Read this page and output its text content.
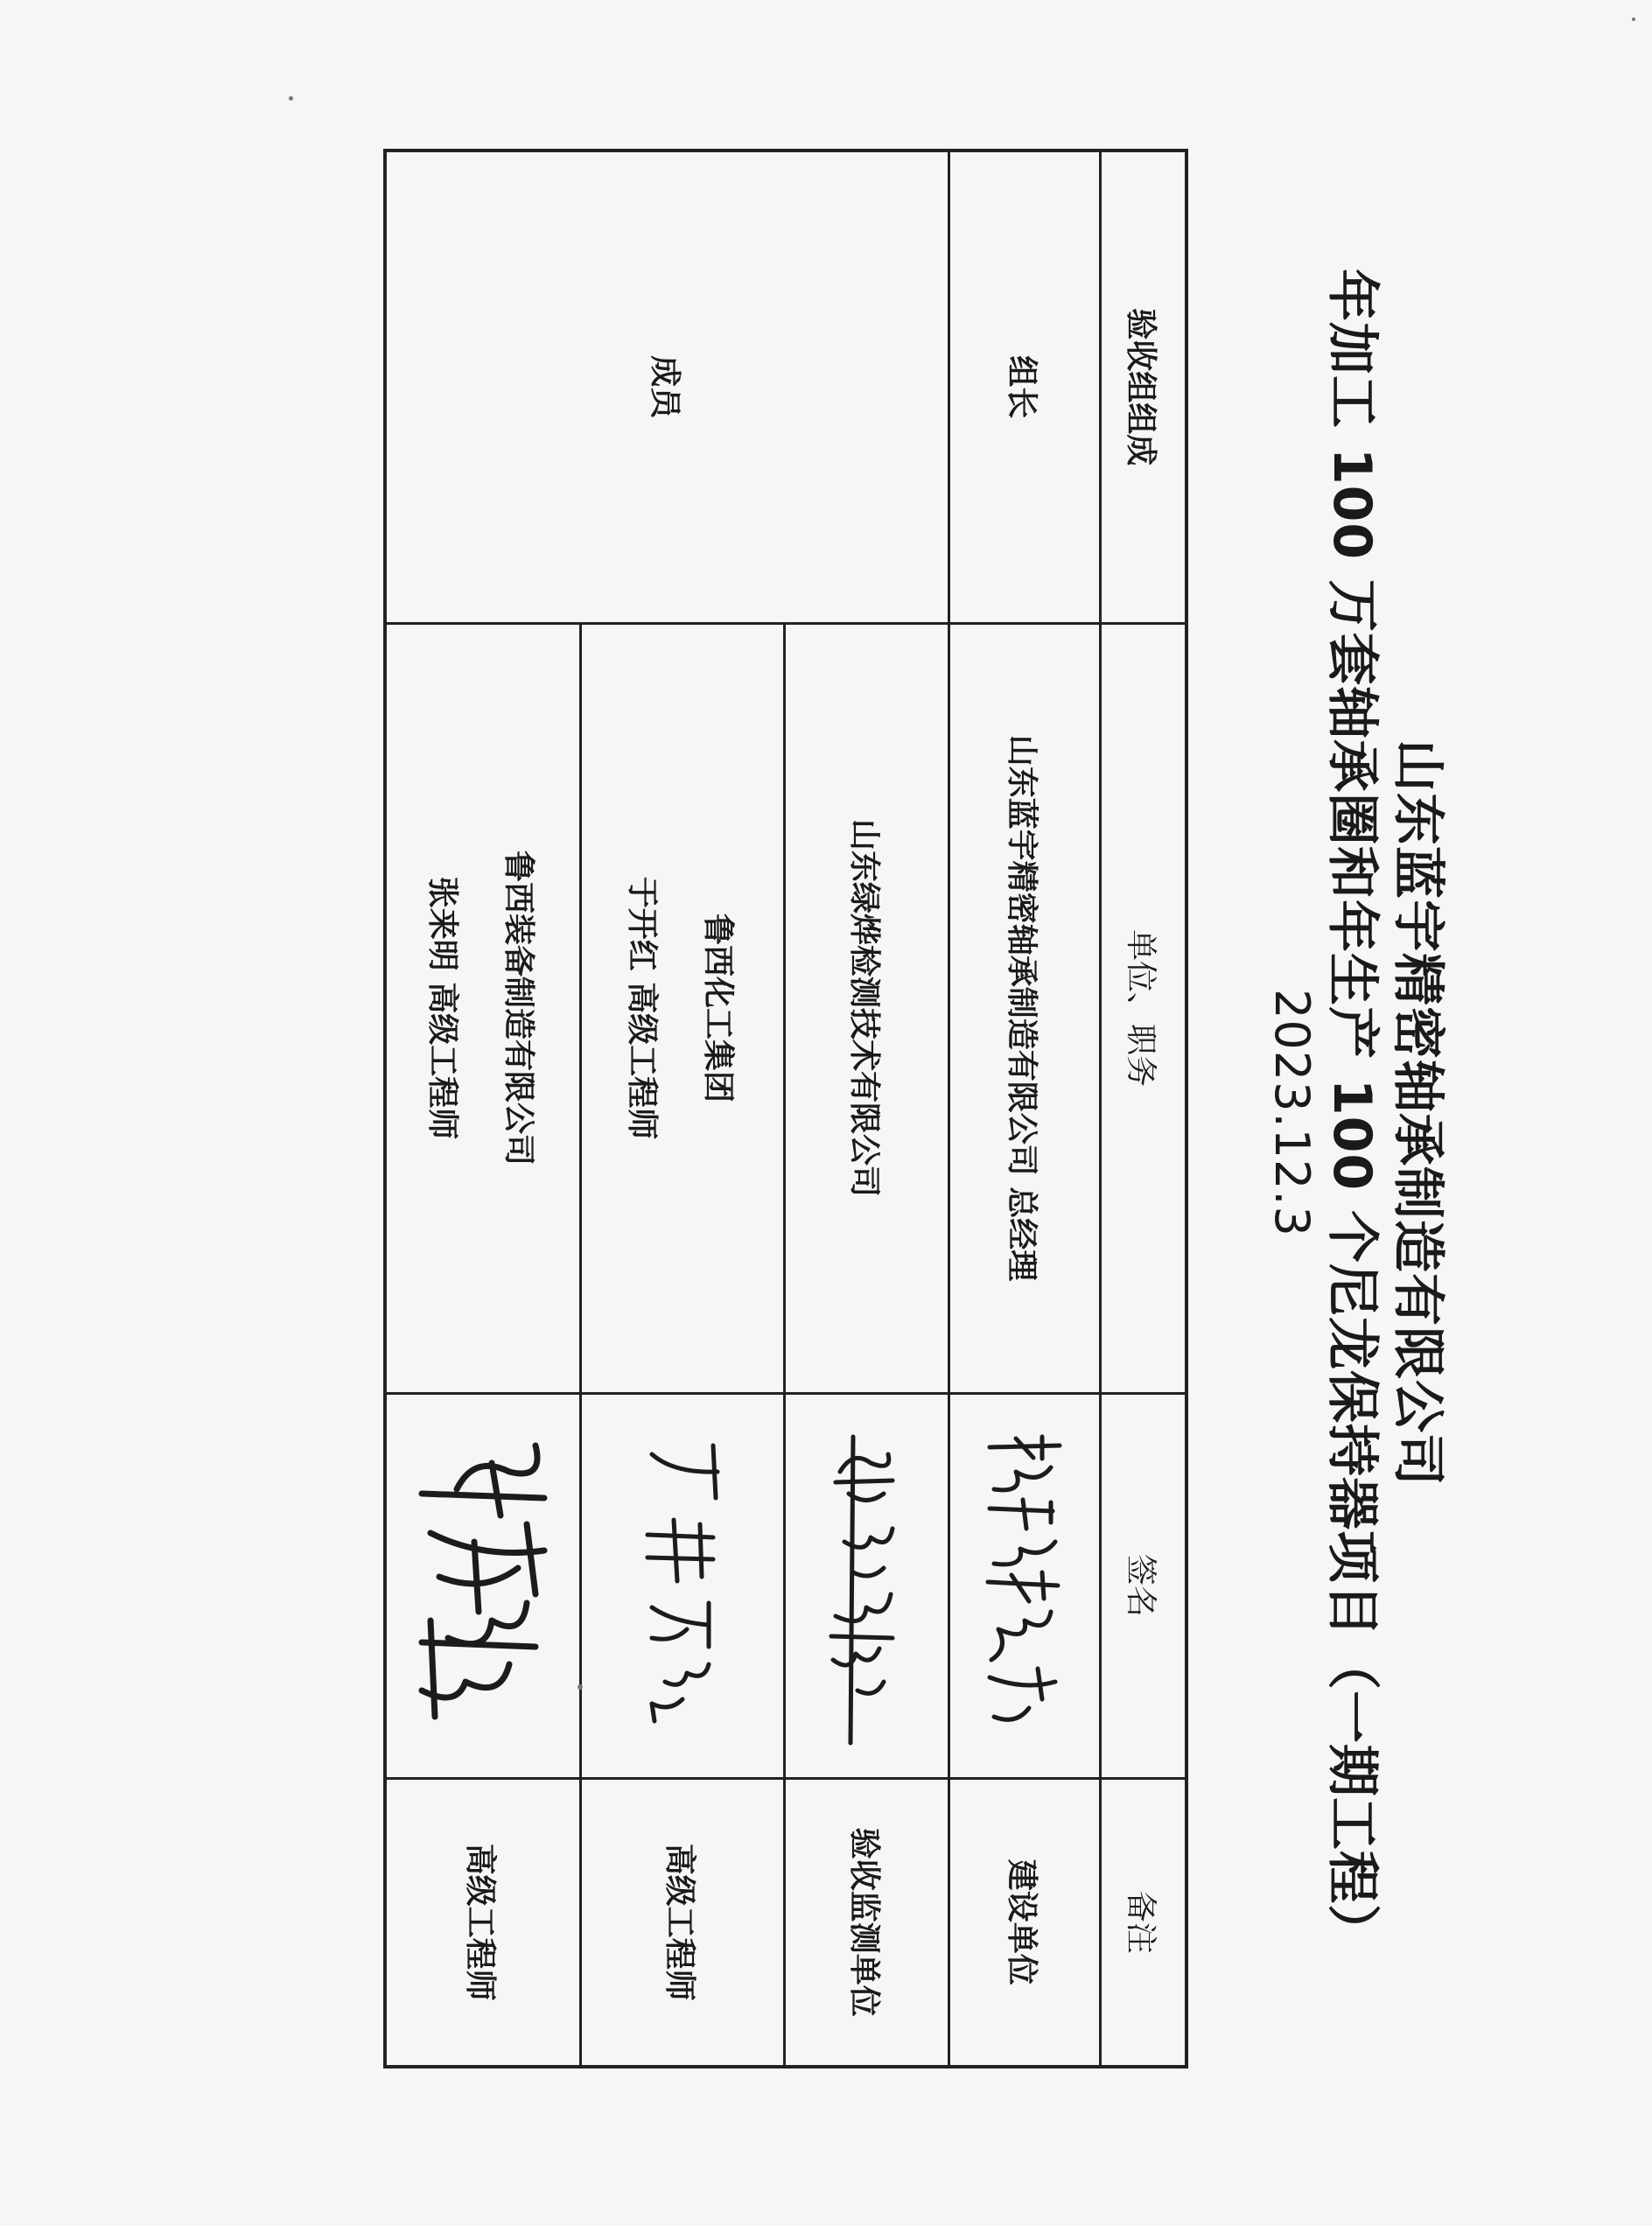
山东蓝宇精密轴承制造有限公司
年加工 100 万套轴承圈和年生产 100 个尼龙保持器项目（一期工程）
2023.12.3
验收组组成	单位、职务	签名	备注
组长	山东蓝宇精密轴承制造有限公司 总经理		建设单位
成员	山东绿烨检测技术有限公司		验收监测单位

	鲁西化工集团
于开红 高级工程师		高级工程师

	鲁西装备制造有限公司
张来明 高级工程师		高级工程师
